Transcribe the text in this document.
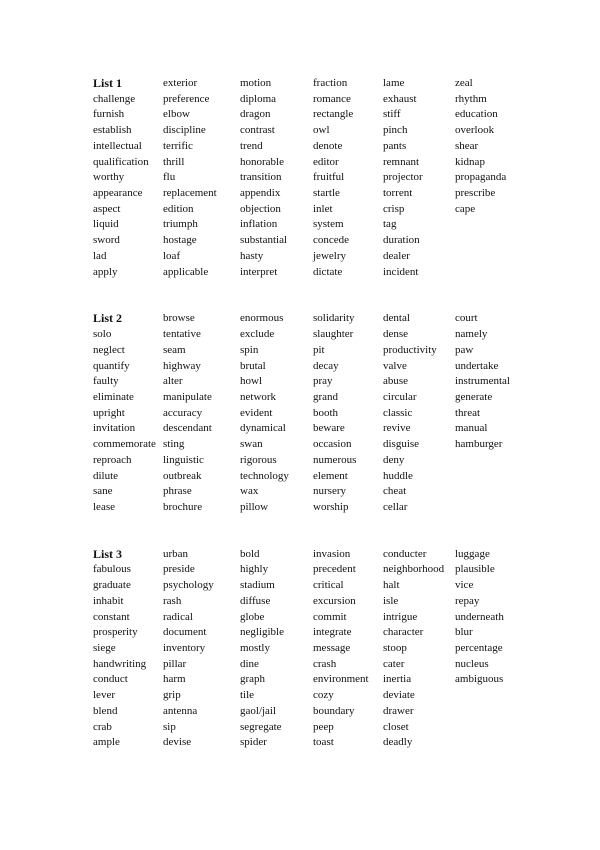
List 1
challenge
furnish
establish
intellectual
qualification
worthy
appearance
aspect
liquid
sword
lad
apply
exterior
preference
elbow
discipline
terrific
thrill
flu
replacement
edition
triumph
hostage
loaf
applicable
motion
diploma
dragon
contrast
trend
honorable
transition
appendix
objection
inflation
substantial
hasty
interpret
fraction
romance
rectangle
owl
denote
editor
fruitful
startle
inlet
system
concede
jewelry
dictate
lame
exhaust
stiff
pinch
pants
remnant
projector
torrent
crisp
tag
duration
dealer
incident
zeal
rhythm
education
overlook
shear
kidnap
propaganda
prescribe
cape
List 2
solo
neglect
quantify
faulty
eliminate
upright
invitation
commemorate
reproach
dilute
sane
lease
browse
tentative
seam
highway
alter
manipulate
accuracy
descendant
sting
linguistic
outbreak
phrase
brochure
enormous
exclude
spin
brutal
howl
network
evident
dynamical
swan
rigorous
technology
wax
pillow
solidarity
slaughter
pit
decay
pray
grand
booth
beware
occasion
numerous
element
nursery
worship
dental
dense
productivity
valve
abuse
circular
classic
revive
disguise
deny
huddle
cheat
cellar
court
namely
paw
undertake
instrumental
generate
threat
manual
hamburger
List 3
fabulous
graduate
inhabit
constant
prosperity
siege
handwriting
conduct
lever
blend
crab
ample
urban
preside
psychology
rash
radical
document
inventory
pillar
harm
grip
antenna
sip
devise
bold
highly
stadium
diffuse
globe
negligible
mostly
dine
graph
tile
gaol/jail
segregate
spider
invasion
precedent
critical
excursion
commit
integrate
message
crash
environment
cozy
boundary
peep
toast
conducter
neighborhood
halt
isle
intrigue
character
stoop
cater
inertia
deviate
drawer
closet
deadly
luggage
plausible
vice
repay
underneath
blur
percentage
nucleus
ambiguous
